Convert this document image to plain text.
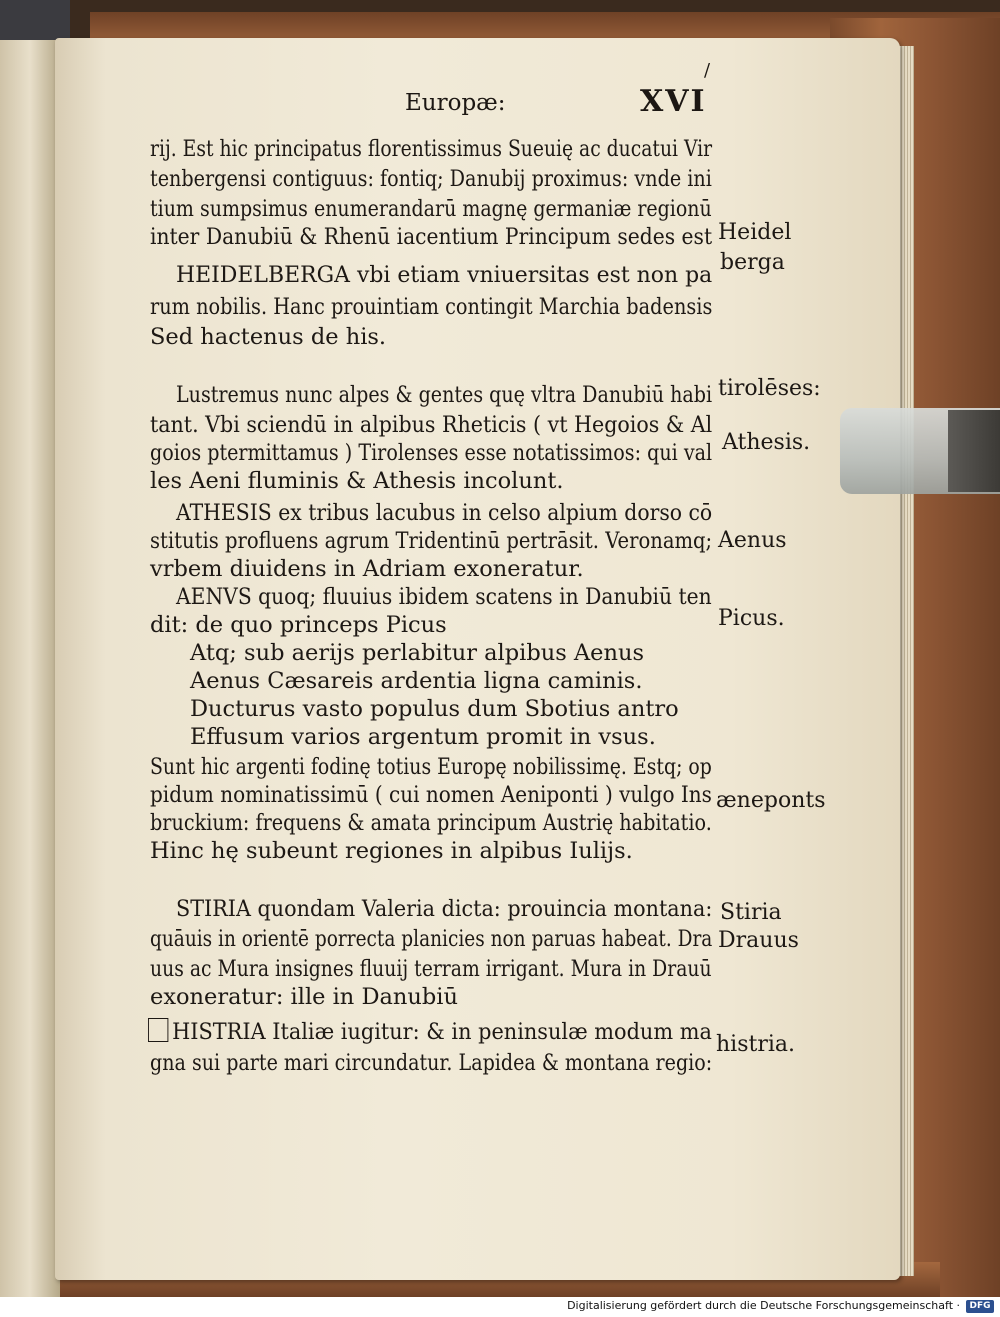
Europæ:	XVI
/
rij. Est hic principatus florentissimus Sueuię ac ducatui Vir
tenbergensi contiguus: fontiq; Danubij proximus: vnde ini
tium sumpsimus enumerandarū magnę germaniæ regionū
inter Danubiū & Rhenū iacentium Principum sedes est
HEIDELBERGA vbi etiam vniuersitas est non pa
rum nobilis. Hanc prouintiam contingit Marchia badensis
Sed hactenus de his.
Lustremus nunc alpes & gentes quę vltra Danubiū habi
tant. Vbi sciendū in alpibus Rheticis ( vt Hegoios & Al
goios ptermittamus ) Tirolenses esse notatissimos: qui val
les Aeni fluminis & Athesis incolunt.
ATHESIS ex tribus lacubus in celso alpium dorso cō
stitutis profluens agrum Tridentinū pertrāsit. Veronamq;
vrbem diuidens in Adriam exoneratur.
AENVS quoq; fluuius ibidem scatens in Danubiū ten
dit: de quo princeps Picus
Atq; sub aerijs perlabitur alpibus Aenus
Aenus Cæsareis ardentia ligna caminis.
Ducturus vasto populus dum Sbotius antro
Effusum varios argentum promit in vsus.
Sunt hic argenti fodinę totius Europę nobilissimę. Estq; op
pidum nominatissimū ( cui nomen Aeniponti ) vulgo Ins
bruckium: frequens & amata principum Austrię habitatio.
Hinc hę subeunt regiones in alpibus Iulijs.
STIRIA quondam Valeria dicta: prouincia montana:
quāuis in orientē porrecta planicies non paruas habeat. Dra
uus ac Mura insignes fluuij terram irrigant. Mura in Drauū
exoneratur: ille in Danubiū
HISTRIA Italiæ iugitur: & in peninsulæ modum ma
gna sui parte mari circundatur. Lapidea & montana regio:
Heidel
berga
tirolēses:
Athesis.
Aenus
Picus.
æneponts
Stiria
Drauus
histria.
Digitalisierung gefördert durch die Deutsche Forschungsgemeinschaft ·	DFG
